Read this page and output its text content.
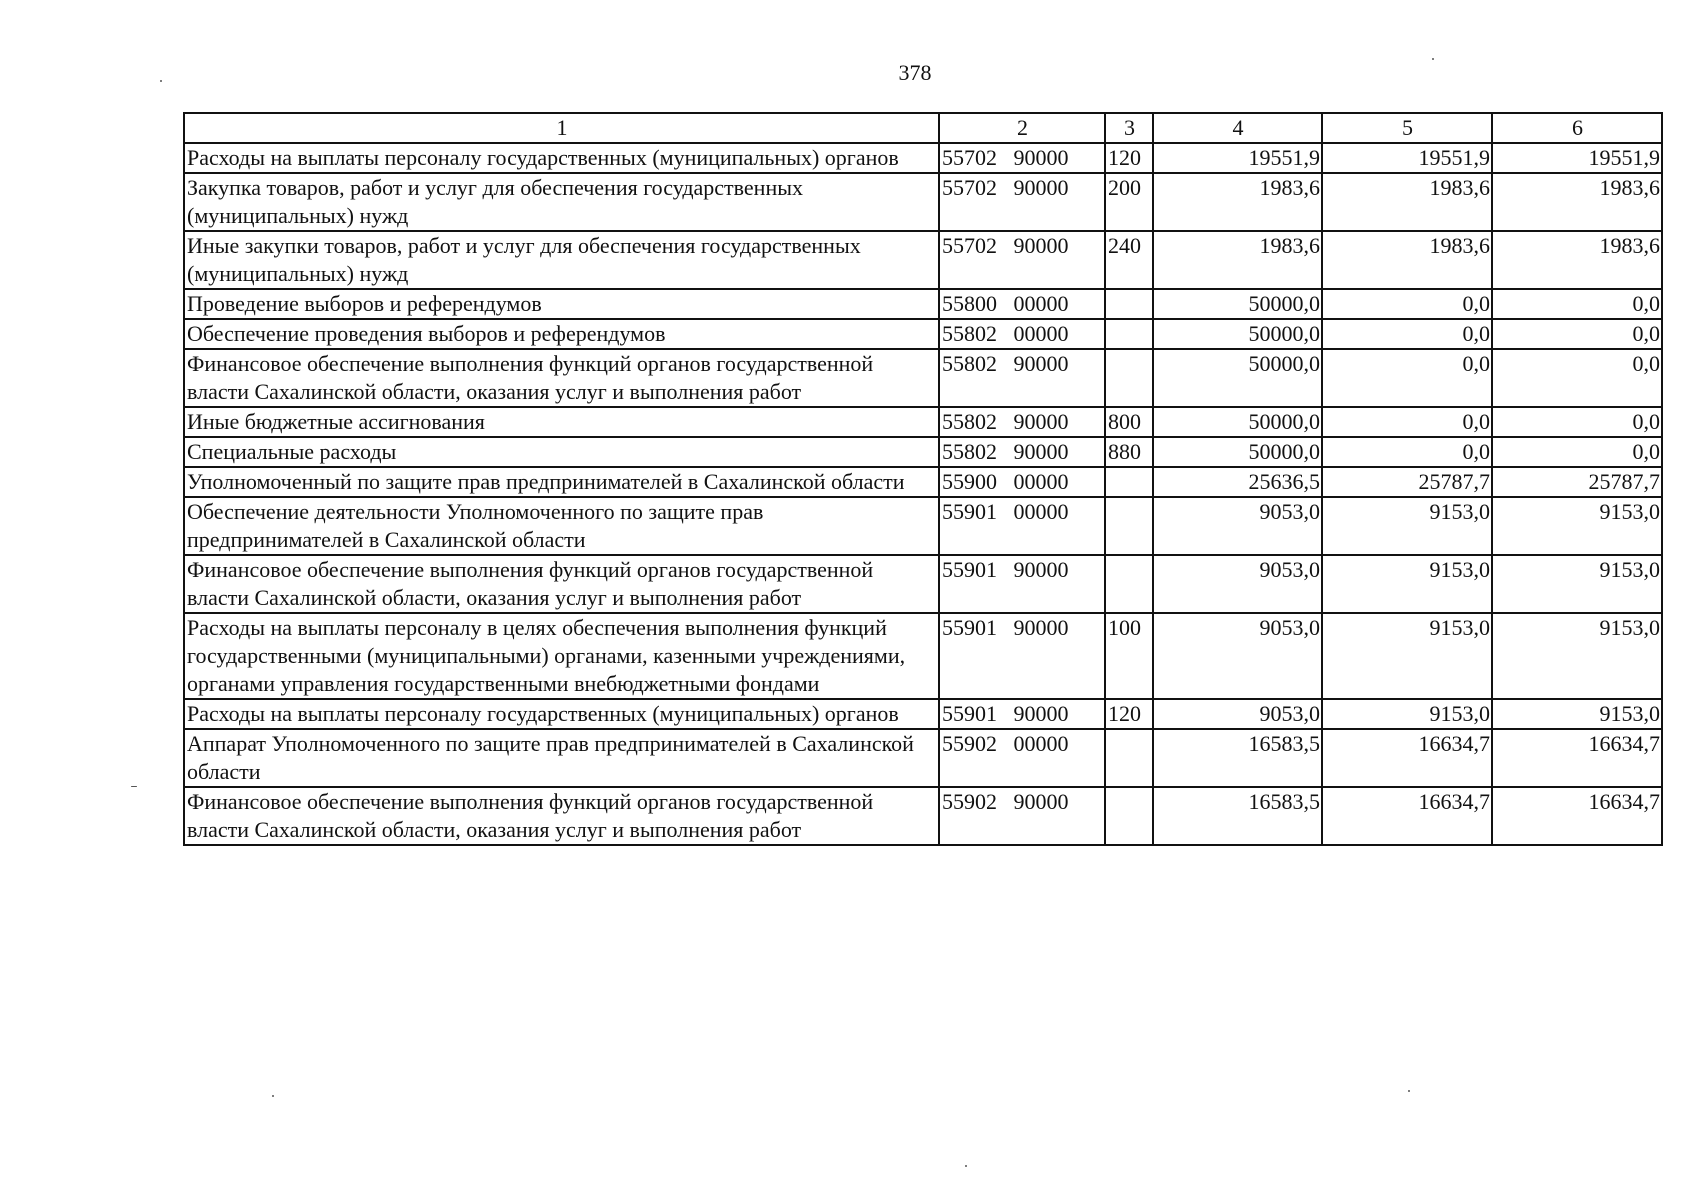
378
1	2	3	4	5	6
Расходы на выплаты персоналу государственных (муниципальных) органов	55702   90000	120	19551,9	19551,9	19551,9
Закупка товаров, работ и услуг для обеспечения государственных (муниципальных) нужд	55702   90000	200	1983,6	1983,6	1983,6
Иные закупки товаров, работ и услуг для обеспечения государственных (муниципальных) нужд	55702   90000	240	1983,6	1983,6	1983,6
Проведение выборов и референдумов	55800   00000		50000,0	0,0	0,0
Обеспечение проведения выборов и референдумов	55802   00000		50000,0	0,0	0,0
Финансовое обеспечение выполнения функций органов государственной власти Сахалинской области, оказания услуг и выполнения работ	55802   90000		50000,0	0,0	0,0
Иные бюджетные ассигнования	55802   90000	800	50000,0	0,0	0,0
Специальные расходы	55802   90000	880	50000,0	0,0	0,0
Уполномоченный по защите прав предпринимателей в Сахалинской области	55900   00000		25636,5	25787,7	25787,7
Обеспечение деятельности Уполномоченного по защите прав предпринимателей в Сахалинской области	55901   00000		9053,0	9153,0	9153,0
Финансовое обеспечение выполнения функций органов государственной власти Сахалинской области, оказания услуг и выполнения работ	55901   90000		9053,0	9153,0	9153,0
Расходы на выплаты персоналу в целях обеспечения выполнения функций государственными (муниципальными) органами, казенными учреждениями, органами управления государственными внебюджетными фондами	55901   90000	100	9053,0	9153,0	9153,0
Расходы на выплаты персоналу государственных (муниципальных) органов	55901   90000	120	9053,0	9153,0	9153,0
Аппарат Уполномоченного по защите прав предпринимателей в Сахалинской области	55902   00000		16583,5	16634,7	16634,7
Финансовое обеспечение выполнения функций органов государственной власти Сахалинской области, оказания услуг и выполнения работ	55902   90000		16583,5	16634,7	16634,7
